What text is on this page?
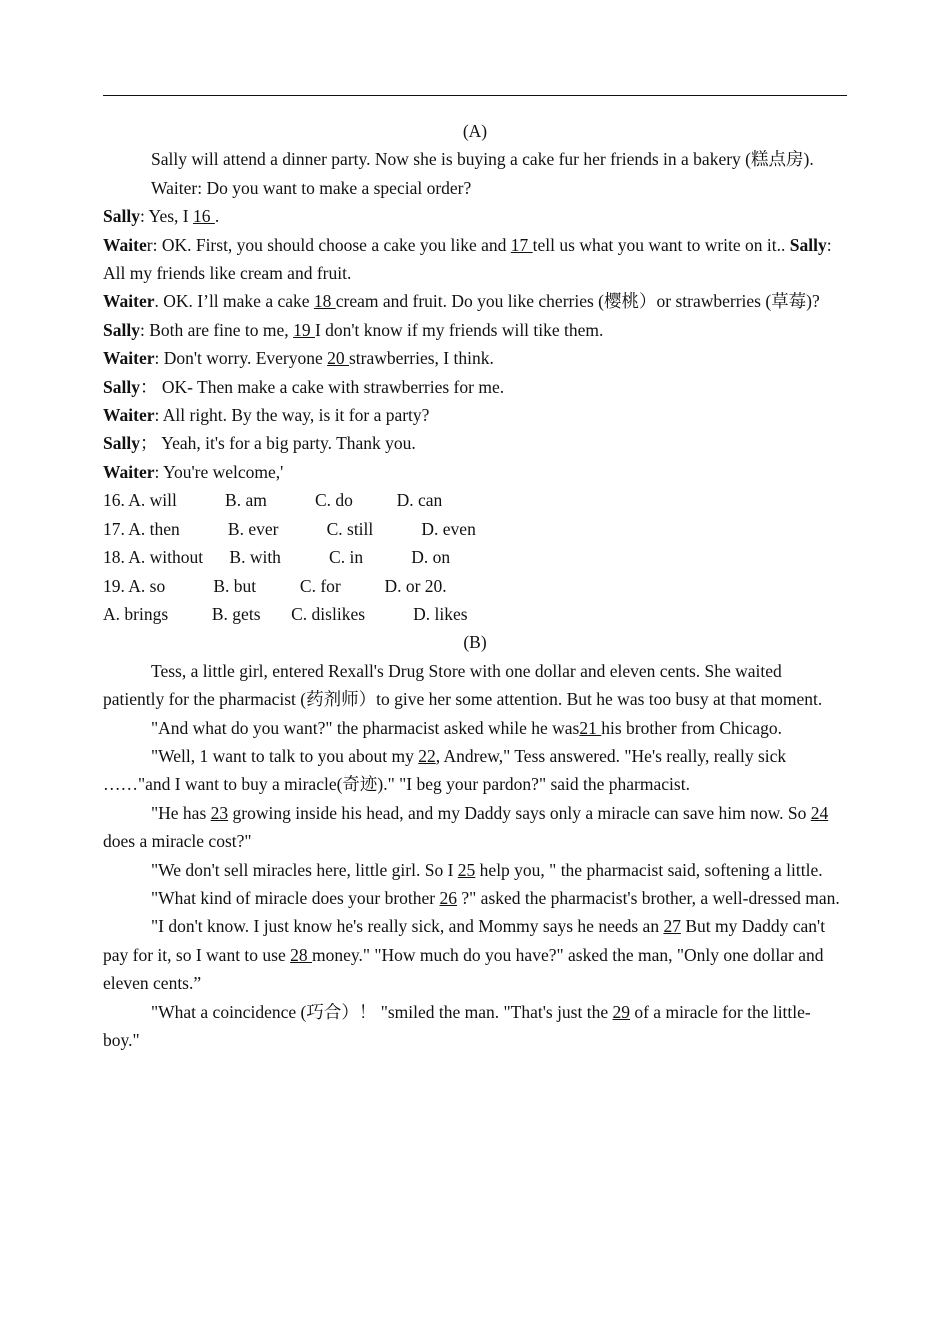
(A)

Sally will attend a dinner party. Now she is buying a cake fur her friends in a bakery (糕点房).

Waiter: Do you want to make a special order?

Sally: Yes, I 16 .

Waiter: OK. First, you should choose a cake you like and 17 tell us what you want to write on it.. Sally: All my friends like cream and fruit.

Waiter. OK. I’ll make a cake 18 cream and fruit. Do you like cherries (樱桃）or strawberries (草莓)?

Sally: Both are fine to me, 19 I don't know if my friends will tike them.

Waiter: Don't worry. Everyone 20 strawberries, I think.

Sally： OK- Then make a cake with strawberries for me.

Waiter: All right. By the way, is it for a party?

Sally； Yeah, it's for a big party. Thank you.

Waiter: You're welcome,'

16. A. will           B. am           C. do          D. can

17. A. then           B. ever           C. still           D. even

18. A. without      B. with           C. in           D. on

19. A. so           B. but          C. for          D. or 20.

A. brings          B. gets       C. dislikes           D. likes

(B)

Tess, a little girl, entered Rexall's Drug Store with one dollar and eleven cents. She waited patiently for the pharmacist (药剂师）to give her some attention. But he was too busy at that moment.

"And what do you want?" the pharmacist asked while he was21 his brother from Chicago.

"Well, 1 want to talk to you about my 22, Andrew," Tess answered. "He's really, really sick ……"and I want to buy a miracle(奇迹)." "I beg your pardon?" said the pharmacist.

"He has 23 growing inside his head, and my Daddy says only a miracle can save him now. So 24 does a miracle cost?"

"We don't sell miracles here, little girl. So I 25 help you, " the pharmacist said, softening a little.

"What kind of miracle does your brother 26 ?" asked the pharmacist's brother, a well-dressed man.

"I don't know. I just know he's really sick, and Mommy says he needs an 27 But my Daddy can't pay for it, so I want to use 28 money." "How much do you have?" asked the man, "Only one dollar and eleven cents.”

"What a coincidence (巧合）！ "smiled the man. "That's just the 29 of a miracle for the little- boy."
